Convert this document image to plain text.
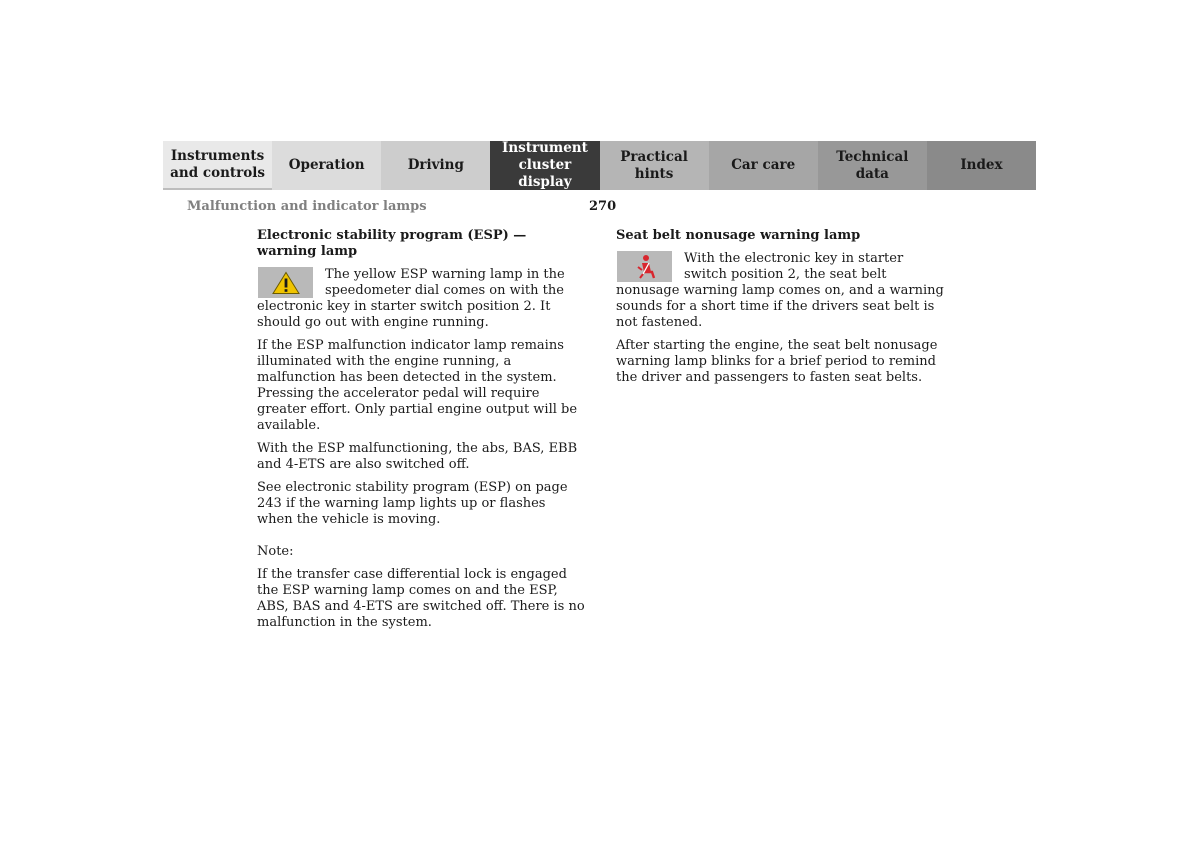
Instruments
and controls	Operation	Driving
Instrument
cluster display
Practical hints
Car care
Technical
data
Index
Malfunction and indicator lamps	270
Electronic stability program (ESP) — warning lamp

The yellow ESP warning lamp in the speedometer dial comes on with the electronic key in starter switch position 2. It should go out with engine running.

If the ESP malfunction indicator lamp remains illuminated with the engine running, a malfunction has been detected in the system. Pressing the accelerator pedal will require greater effort. Only partial engine output will be available.

With the ESP malfunctioning, the abs, BAS, EBB and 4-ETS are also switched off.

See electronic stability program (ESP) on page 243 if the warning lamp lights up or flashes when the vehicle is moving.

Note:

If the transfer case differential lock is engaged the ESP warning lamp comes on and the ESP, ABS, BAS and 4-ETS are switched off. There is no malfunction in the system.

Seat belt nonusage warning lamp

With the electronic key in starter switch position 2, the seat belt nonusage warning lamp comes on, and a warning sounds for a short time if the drivers seat belt is not fastened.

After starting the engine, the seat belt nonusage warning lamp blinks for a brief period to remind the driver and passengers to fasten seat belts.
